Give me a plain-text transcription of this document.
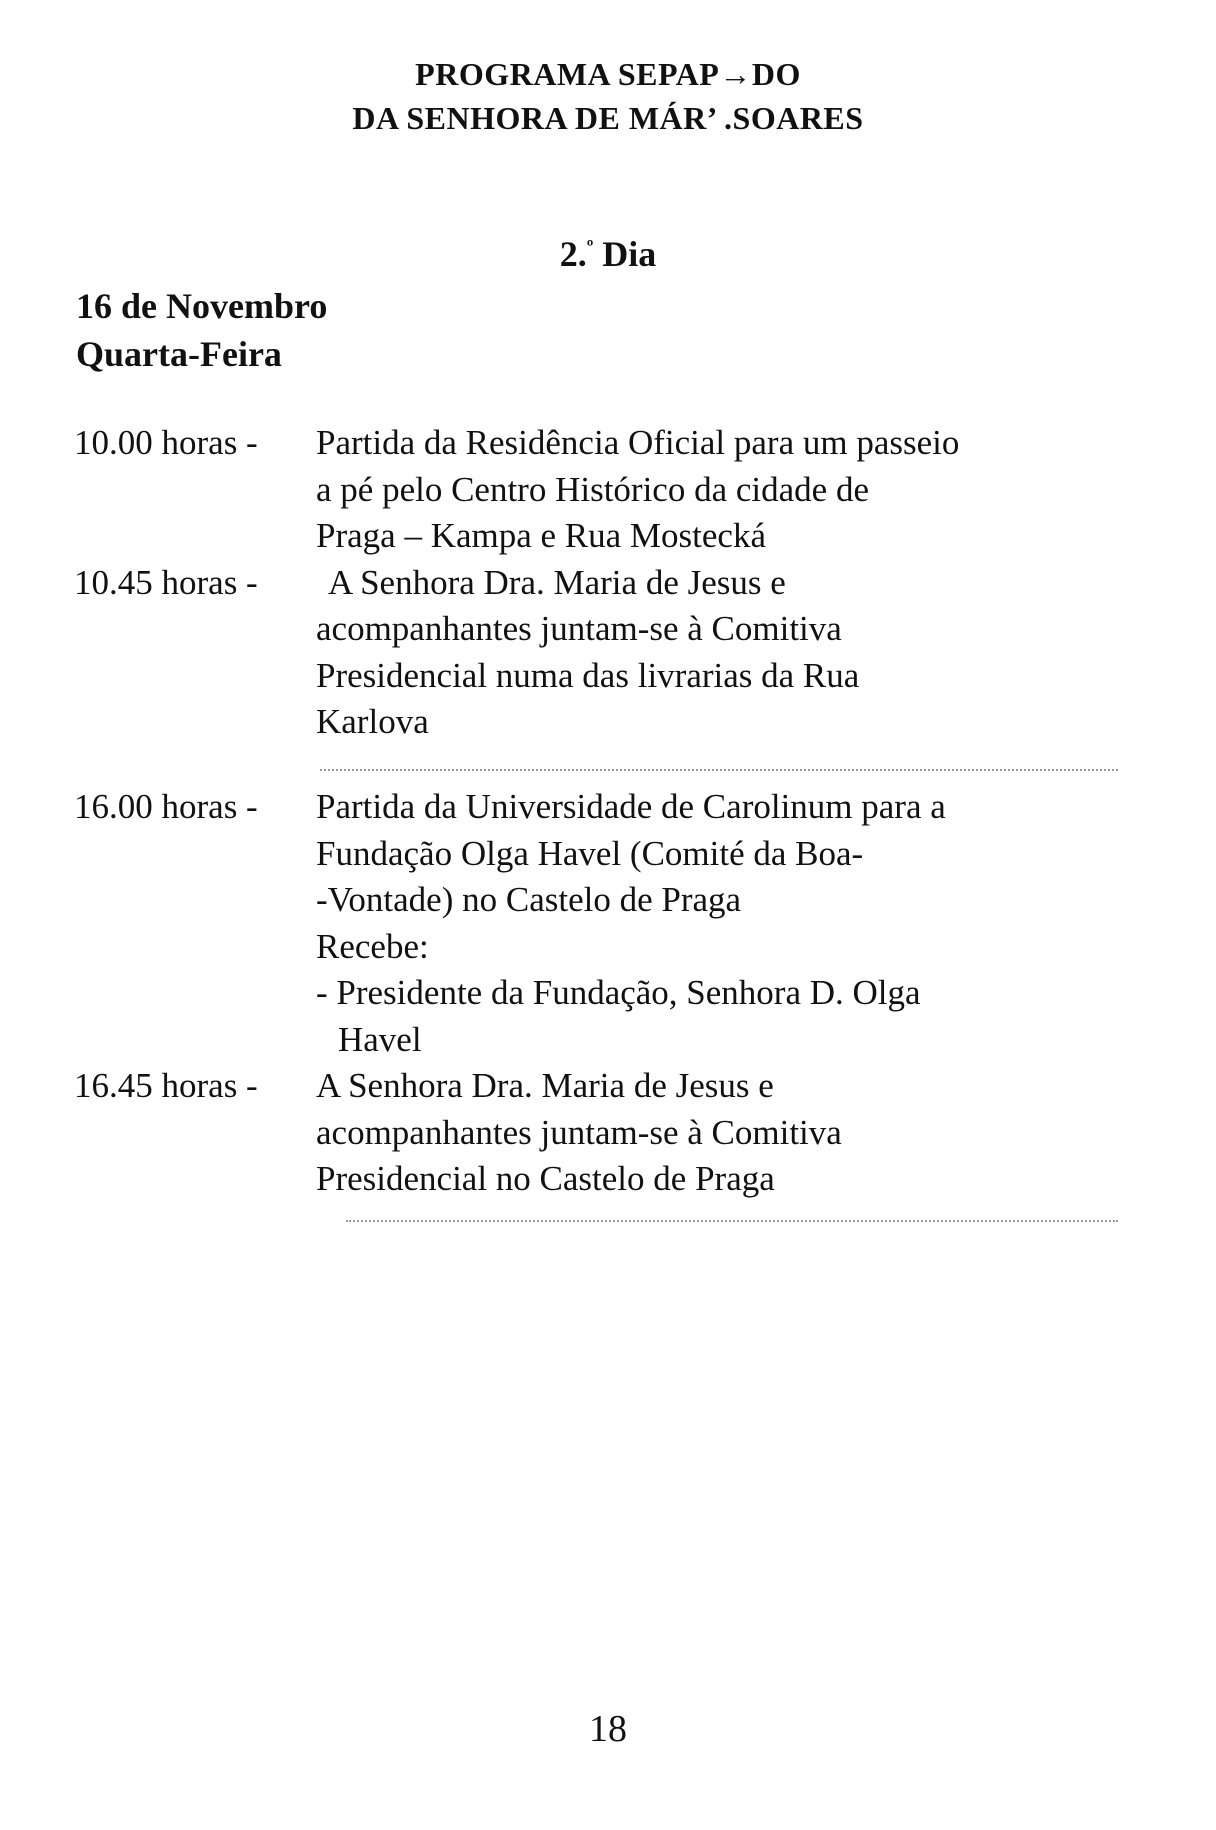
PROGRAMA SEPAP→DO
DA SENHORA DE MÁR’ .SOARES
2.$^º$ Dia
16 de Novembro
Quarta-Feira
10.00 horas -	Partida da Residência Oficial para um passeio
a pé pelo Centro Histórico da cidade de
Praga – Kampa e Rua Mostecká
10.45 horas -	A Senhora Dra. Maria de Jesus e
acompanhantes juntam-se à Comitiva
Presidencial numa das livrarias da Rua
Karlova
16.00 horas -	Partida da Universidade de Carolinum para a
Fundação Olga Havel (Comité da Boa-
-Vontade) no Castelo de Praga
Recebe:
- Presidente da Fundação, Senhora D. Olga
Havel
16.45 horas -	A Senhora Dra. Maria de Jesus e
acompanhantes juntam-se à Comitiva
Presidencial no Castelo de Praga
18
